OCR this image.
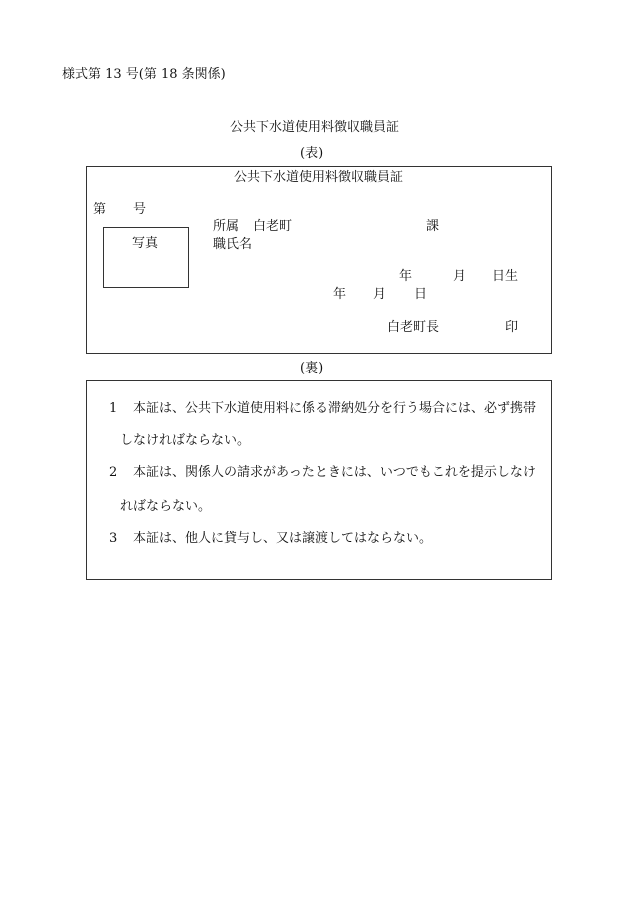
様式第 13 号(第 18 条関係)
公共下水道使用料徴収職員証
(表)
公共下水道使用料徴収職員証
第 号
写真
所属 白老町	課
職氏名
年	月 日生
年 月 日
白老町長	印
(裏)
1 本証は、公共下水道使用料に係る滞納処分を行う場合には、必ず携帯
しなければならない。
2 本証は、関係人の請求があったときには、いつでもこれを提示しなけ
ればならない。
3 本証は、他人に貸与し、又は譲渡してはならない。
